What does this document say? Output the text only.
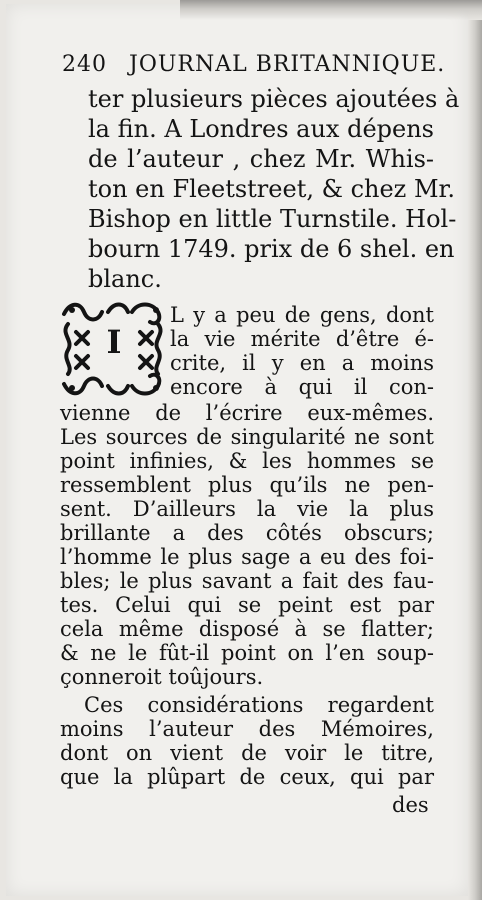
240 JOURNAL BRITANNIQUE.
ter plusieurs pièces ajoutées à
la fin. A Londres aux dépens
de l’auteur , chez Mr. Whis-
ton en Fleetstreet, & chez Mr.
Bishop en little Turnstile. Hol-
bourn 1749. prix de 6 shel. en
blanc.
I
L y a peu de gens, dont
la vie mérite d’être é-
crite, il y en a moins
encore à qui il con-
vienne de l’écrire eux-mêmes.
Les sources de singularité ne sont
point infinies, & les hommes se
ressemblent plus qu’ils ne pen-
sent. D’ailleurs la vie la plus
brillante a des côtés obscurs;
l’homme le plus sage a eu des foi-
bles; le plus savant a fait des fau-
tes. Celui qui se peint est par
cela même disposé à se flatter;
& ne le fût-il point on l’en soup-
çonneroit toûjours.
Ces considérations regardent
moins l’auteur des Mémoires,
dont on vient de voir le titre,
que la plûpart de ceux, qui par
des
